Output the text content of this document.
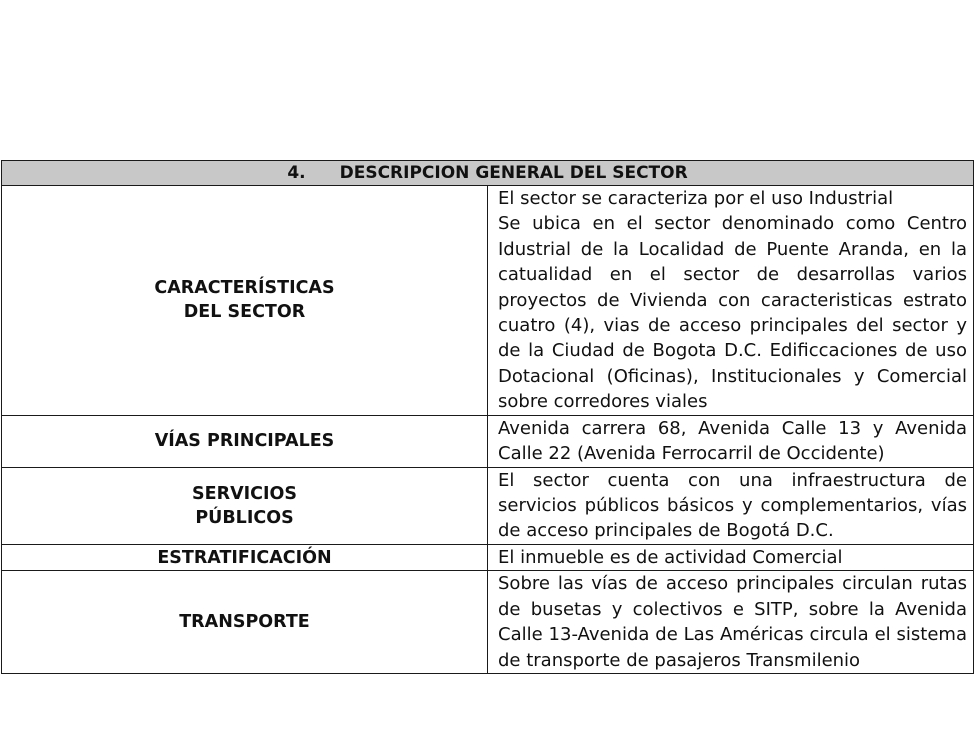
4. DESCRIPCION GENERAL DEL SECTOR	
CARACTERÍSTICAS
DEL SECTOR	El sector se caracteriza por el uso Industrial
Se ubica en el sector denominado como Centro Idustrial de la Localidad de Puente Aranda, en la catualidad en el sector de desarrollas varios proyectos de Vivienda con caracteristicas estrato cuatro (4), vias de acceso principales del sector y de la Ciudad de Bogota D.C. Edificcaciones de uso Dotacional (Oficinas), Institucionales y Comercial sobre corredores viales

VÍAS PRINCIPALES	Avenida carrera 68, Avenida Calle 13 y Avenida Calle 22 (Avenida Ferrocarril de Occidente)

SERVICIOS
PÚBLICOS	El sector cuenta con una infraestructura de servicios públicos básicos y complementarios, vías de acceso principales de Bogotá D.C.

ESTRATIFICACIÓN	El inmueble es de actividad Comercial

TRANSPORTE	Sobre las vías de acceso principales circulan rutas de busetas y colectivos e SITP, sobre la Avenida Calle 13-Avenida de Las Américas circula el sistema de transporte de pasajeros Transmilenio
